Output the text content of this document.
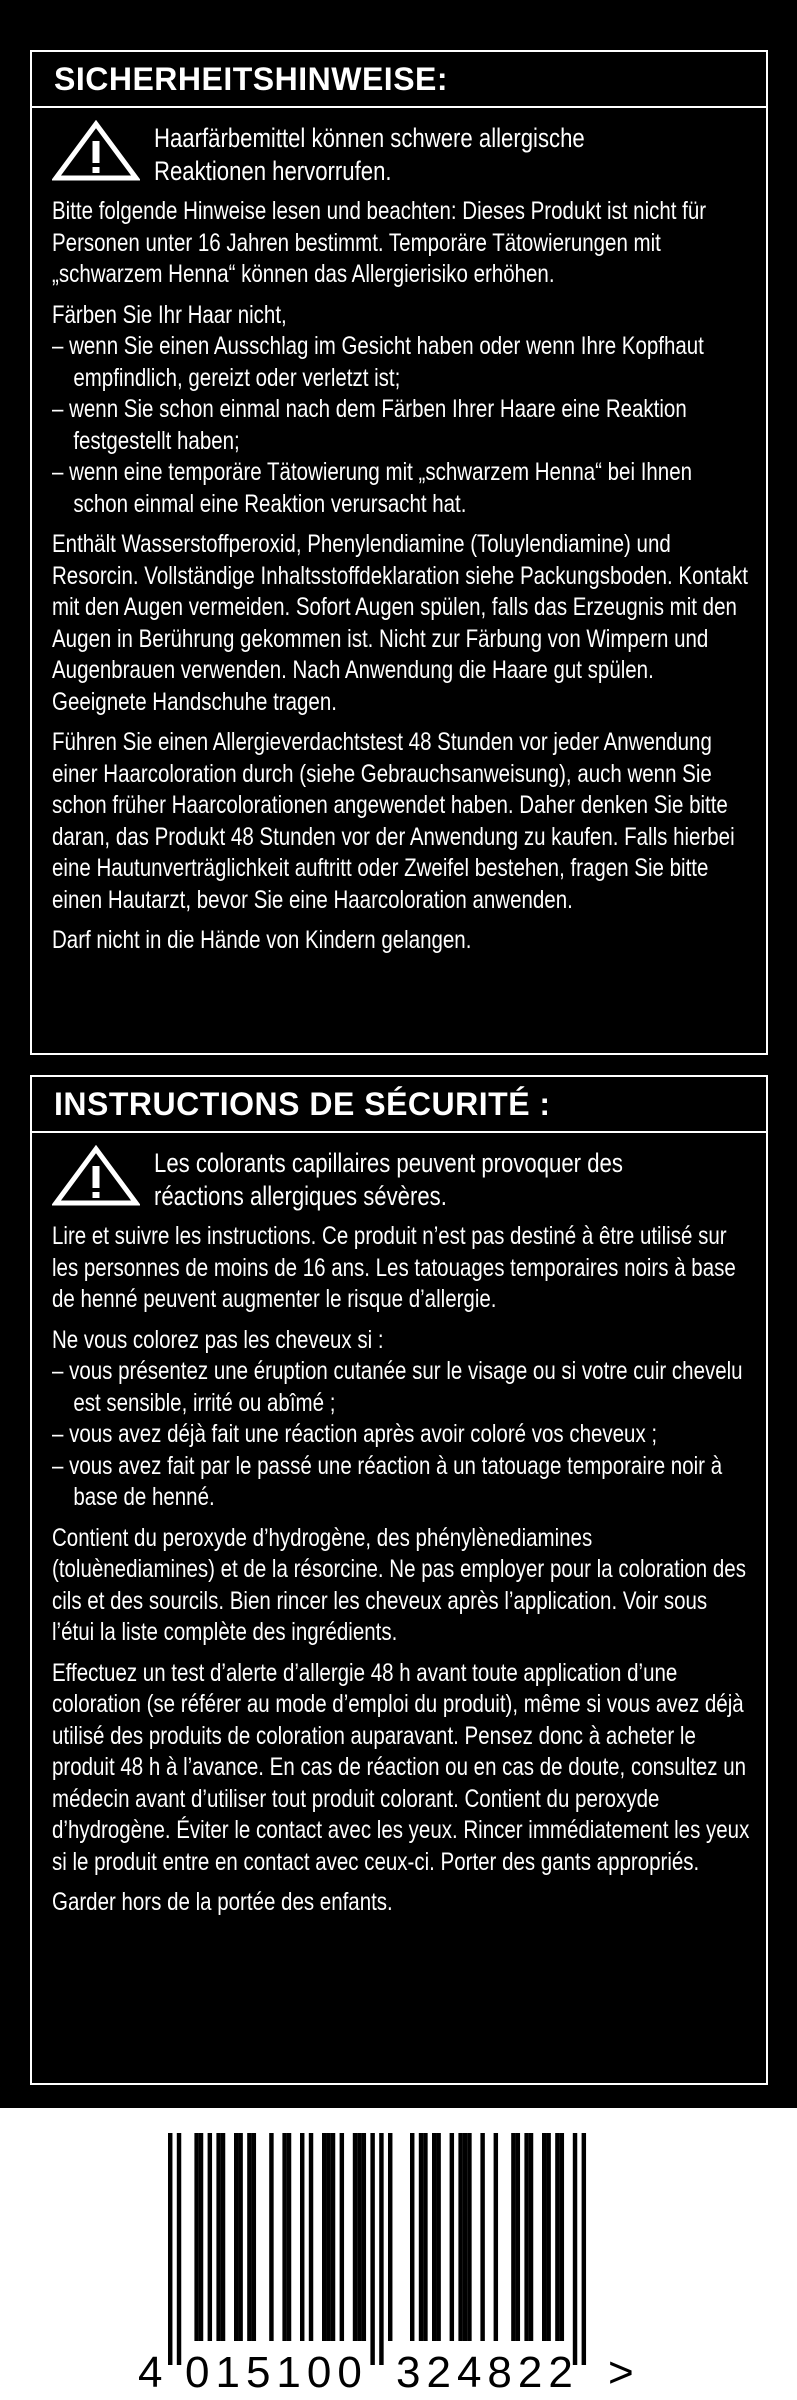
SICHERHEITSHINWEISE:
Haarfärbemittel können schwere allergische Reaktionen hervorrufen.

Bitte folgende Hinweise lesen und beachten: Dieses Produkt ist nicht für Personen unter 16 Jahren bestimmt. Temporäre Tätowierungen mit „schwarzem Henna“ können das Allergierisiko erhöhen.

Färben Sie Ihr Haar nicht,

– wenn Sie einen Ausschlag im Gesicht haben oder wenn Ihre Kopfhaut empfindlich, gereizt oder verletzt ist;
– wenn Sie schon einmal nach dem Färben Ihrer Haare eine Reaktion festgestellt haben;
– wenn eine temporäre Tätowierung mit „schwarzem Henna“ bei Ihnen schon einmal eine Reaktion verursacht hat.

Enthält Wasserstoffperoxid, Phenylendiamine (Toluylendiamine) und Resorcin. Vollständige Inhaltsstoffdeklaration siehe Packungsboden. Kontakt mit den Augen vermeiden. Sofort Augen spülen, falls das Erzeugnis mit den Augen in Berührung gekommen ist. Nicht zur Färbung von Wimpern und Augenbrauen verwenden. Nach Anwendung die Haare gut spülen. Geeignete Handschuhe tragen.

Führen Sie einen Allergieverdachtstest 48 Stunden vor jeder Anwendung einer Haarcoloration durch (siehe Gebrauchsanweisung), auch wenn Sie schon früher Haarcolorationen angewendet haben. Daher denken Sie bitte daran, das Produkt 48 Stunden vor der Anwendung zu kaufen. Falls hierbei eine Hautunverträglichkeit auftritt oder Zweifel bestehen, fragen Sie bitte einen Hautarzt, bevor Sie eine Haarcoloration anwenden.

Darf nicht in die Hände von Kindern gelangen.

INSTRUCTIONS DE SÉCURITÉ :
Les colorants capillaires peuvent provoquer des réactions allergiques sévères.

Lire et suivre les instructions. Ce produit n’est pas destiné à être utilisé sur les personnes de moins de 16 ans. Les tatouages temporaires noirs à base de henné peuvent augmenter le risque d’allergie.

Ne vous colorez pas les cheveux si :

– vous présentez une éruption cutanée sur le visage ou si votre cuir chevelu est sensible, irrité ou abîmé ;
– vous avez déjà fait une réaction après avoir coloré vos cheveux ;
– vous avez fait par le passé une réaction à un tatouage temporaire noir à base de henné.

Contient du peroxyde d’hydrogène, des phénylènediamines (toluènediamines) et de la résorcine. Ne pas employer pour la coloration des cils et des sourcils. Bien rincer les cheveux après l’application. Voir sous l’étui la liste complète des ingrédients.

Effectuez un test d’alerte d’allergie 48 h avant toute application d’une coloration (se référer au mode d’emploi du produit), même si vous avez déjà utilisé des produits de coloration auparavant. Pensez donc à acheter le produit 48 h à l’avance. En cas de réaction ou en cas de doute, consultez un médecin avant d’utiliser tout produit colorant. Contient du peroxyde d’hydrogène. Éviter le contact avec les yeux. Rincer immédiatement les yeux si le produit entre en contact avec ceux-ci. Porter des gants appropriés.

Garder hors de la portée des enfants.

4 015100 324822 >
